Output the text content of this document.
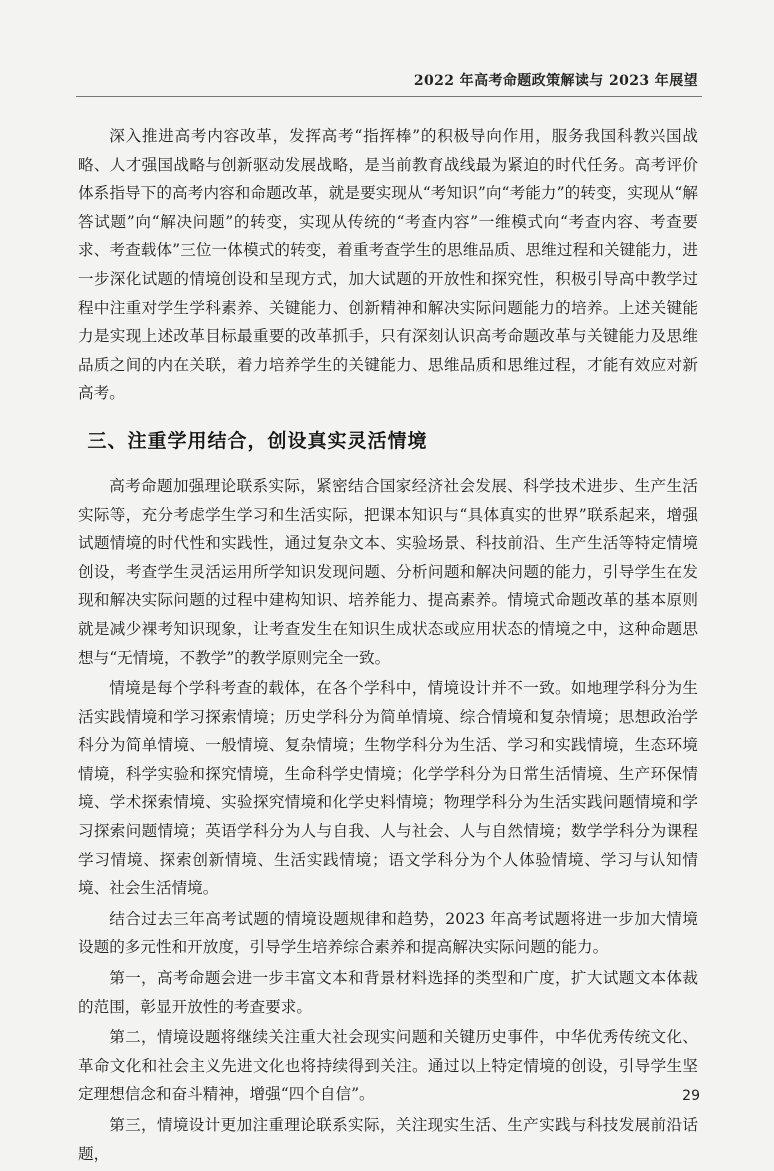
2022 年高考命题政策解读与 2023 年展望

深入推进高考内容改革，发挥高考“指挥棒”的积极导向作用，服务我国科教兴国战略、人才强国战略与创新驱动发展战略，是当前教育战线最为紧迫的时代任务。高考评价体系指导下的高考内容和命题改革，就是要实现从“考知识”向“考能力”的转变，实现从“解答试题”向“解决问题”的转变，实现从传统的“考查内容”一维模式向“考查内容、考查要求、考查载体”三位一体模式的转变，着重考查学生的思维品质、思维过程和关键能力，进一步深化试题的情境创设和呈现方式，加大试题的开放性和探究性，积极引导高中教学过程中注重对学生学科素养、关键能力、创新精神和解决实际问题能力的培养。上述关键能力是实现上述改革目标最重要的改革抓手，只有深刻认识高考命题改革与关键能力及思维品质之间的内在关联，着力培养学生的关键能力、思维品质和思维过程，才能有效应对新高考。

三、注重学用结合，创设真实灵活情境

高考命题加强理论联系实际，紧密结合国家经济社会发展、科学技术进步、生产生活实际等，充分考虑学生学习和生活实际，把课本知识与“具体真实的世界”联系起来，增强试题情境的时代性和实践性，通过复杂文本、实验场景、科技前沿、生产生活等特定情境创设，考查学生灵活运用所学知识发现问题、分析问题和解决问题的能力，引导学生在发现和解决实际问题的过程中建构知识、培养能力、提高素养。情境式命题改革的基本原则就是减少裸考知识现象，让考查发生在知识生成状态或应用状态的情境之中，这种命题思想与“无情境，不教学”的教学原则完全一致。

情境是每个学科考查的载体，在各个学科中，情境设计并不一致。如地理学科分为生活实践情境和学习探索情境；历史学科分为简单情境、综合情境和复杂情境；思想政治学科分为简单情境、一般情境、复杂情境；生物学科分为生活、学习和实践情境，生态环境情境，科学实验和探究情境，生命科学史情境；化学学科分为日常生活情境、生产环保情境、学术探索情境、实验探究情境和化学史料情境；物理学科分为生活实践问题情境和学习探索问题情境；英语学科分为人与自我、人与社会、人与自然情境；数学学科分为课程学习情境、探索创新情境、生活实践情境；语文学科分为个人体验情境、学习与认知情境、社会生活情境。

结合过去三年高考试题的情境设题规律和趋势，2023 年高考试题将进一步加大情境设题的多元性和开放度，引导学生培养综合素养和提高解决实际问题的能力。

第一，高考命题会进一步丰富文本和背景材料选择的类型和广度，扩大试题文本体裁的范围，彰显开放性的考查要求。

第二，情境设题将继续关注重大社会现实问题和关键历史事件，中华优秀传统文化、革命文化和社会主义先进文化也将持续得到关注。通过以上特定情境的创设，引导学生坚定理想信念和奋斗精神，增强“四个自信”。

第三，情境设计更加注重理论联系实际，关注现实生活、生产实践与科技发展前沿话题，

29
